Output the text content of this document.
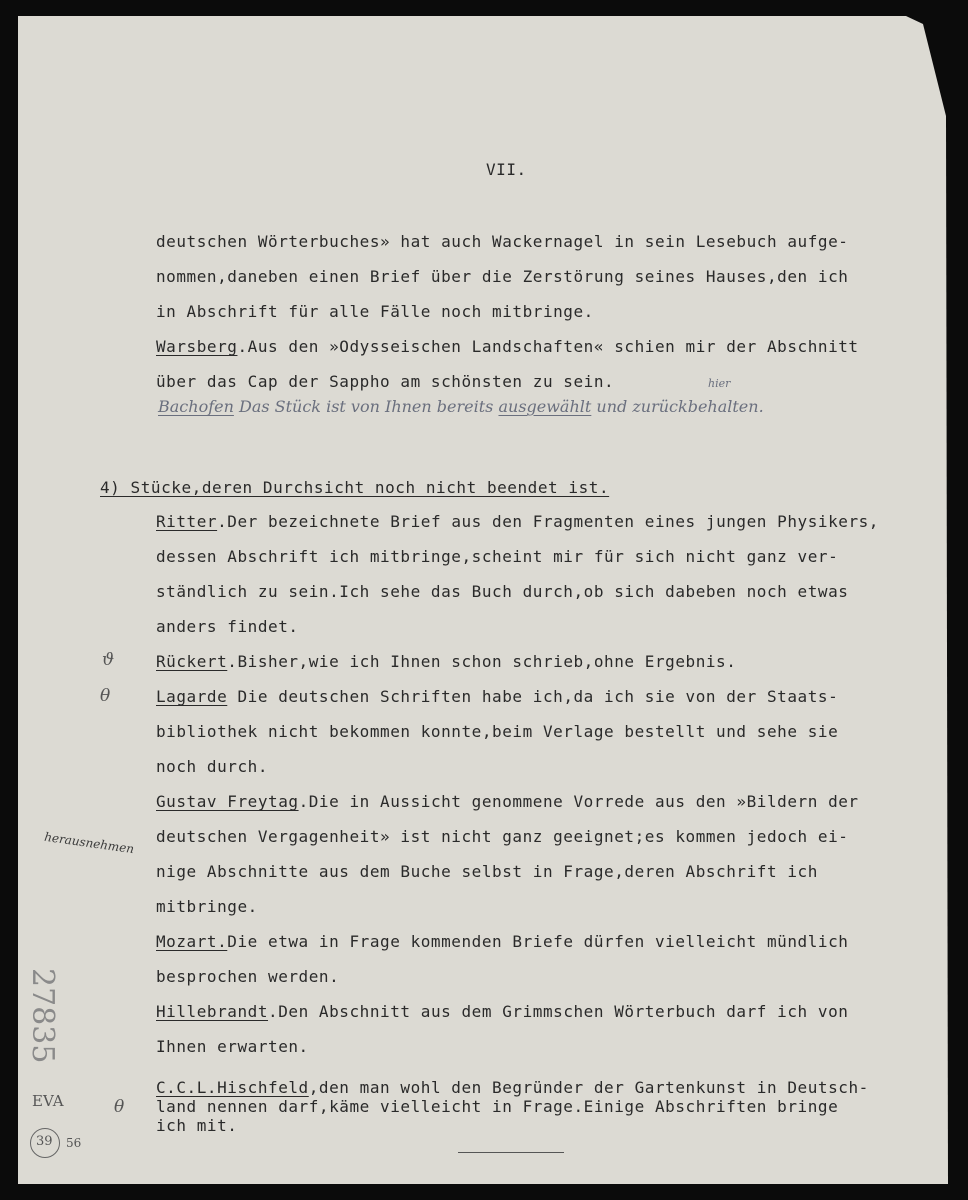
VII.
deutschen Wörterbuches» hat auch Wackernagel in sein Lesebuch aufge-
nommen,daneben einen Brief über die Zerstörung seines Hauses,den ich
in Abschrift für alle Fälle noch mitbringe.
Warsberg.Aus den »Odysseischen Landschaften« schien mir der Abschnitt
über das Cap der Sappho am schönsten zu sein.
Bachofen Das Stück ist von Ihnen bereits ausgewählt und zurückbehalten.
hier
4) Stücke,deren Durchsicht noch nicht beendet ist.
Ritter.Der bezeichnete Brief aus den Fragmenten eines jungen Physikers,
dessen Abschrift ich mitbringe,scheint mir für sich nicht ganz ver-
ständlich zu sein.Ich sehe das Buch durch,ob sich dabeben noch etwas
anders findet.
ϑ	Rückert.Bisher,wie ich Ihnen schon schrieb,ohne Ergebnis.
θ	Lagarde Die deutschen Schriften habe ich,da ich sie von der Staats-
bibliothek nicht bekommen konnte,beim Verlage bestellt und sehe sie
noch durch.
Gustav Freytag.Die in Aussicht genommene Vorrede aus den »Bildern der
deutschen Vergagenheit» ist nicht ganz geeignet;es kommen jedoch ei-
nige Abschnitte aus dem Buche selbst in Frage,deren Abschrift ich
mitbringe.
herausnehmen
Mozart.Die etwa in Frage kommenden Briefe dürfen vielleicht mündlich
besprochen werden.
Hillebrandt.Den Abschnitt aus dem Grimmschen Wörterbuch darf ich von
Ihnen erwarten.
C.C.L.Hischfeld,den man wohl den Begründer der Gartenkunst in Deutsch-
land nennen darf,käme vielleicht in Frage.Einige Abschriften bringe
ich mit.
θ
27835
EVA
39 56
